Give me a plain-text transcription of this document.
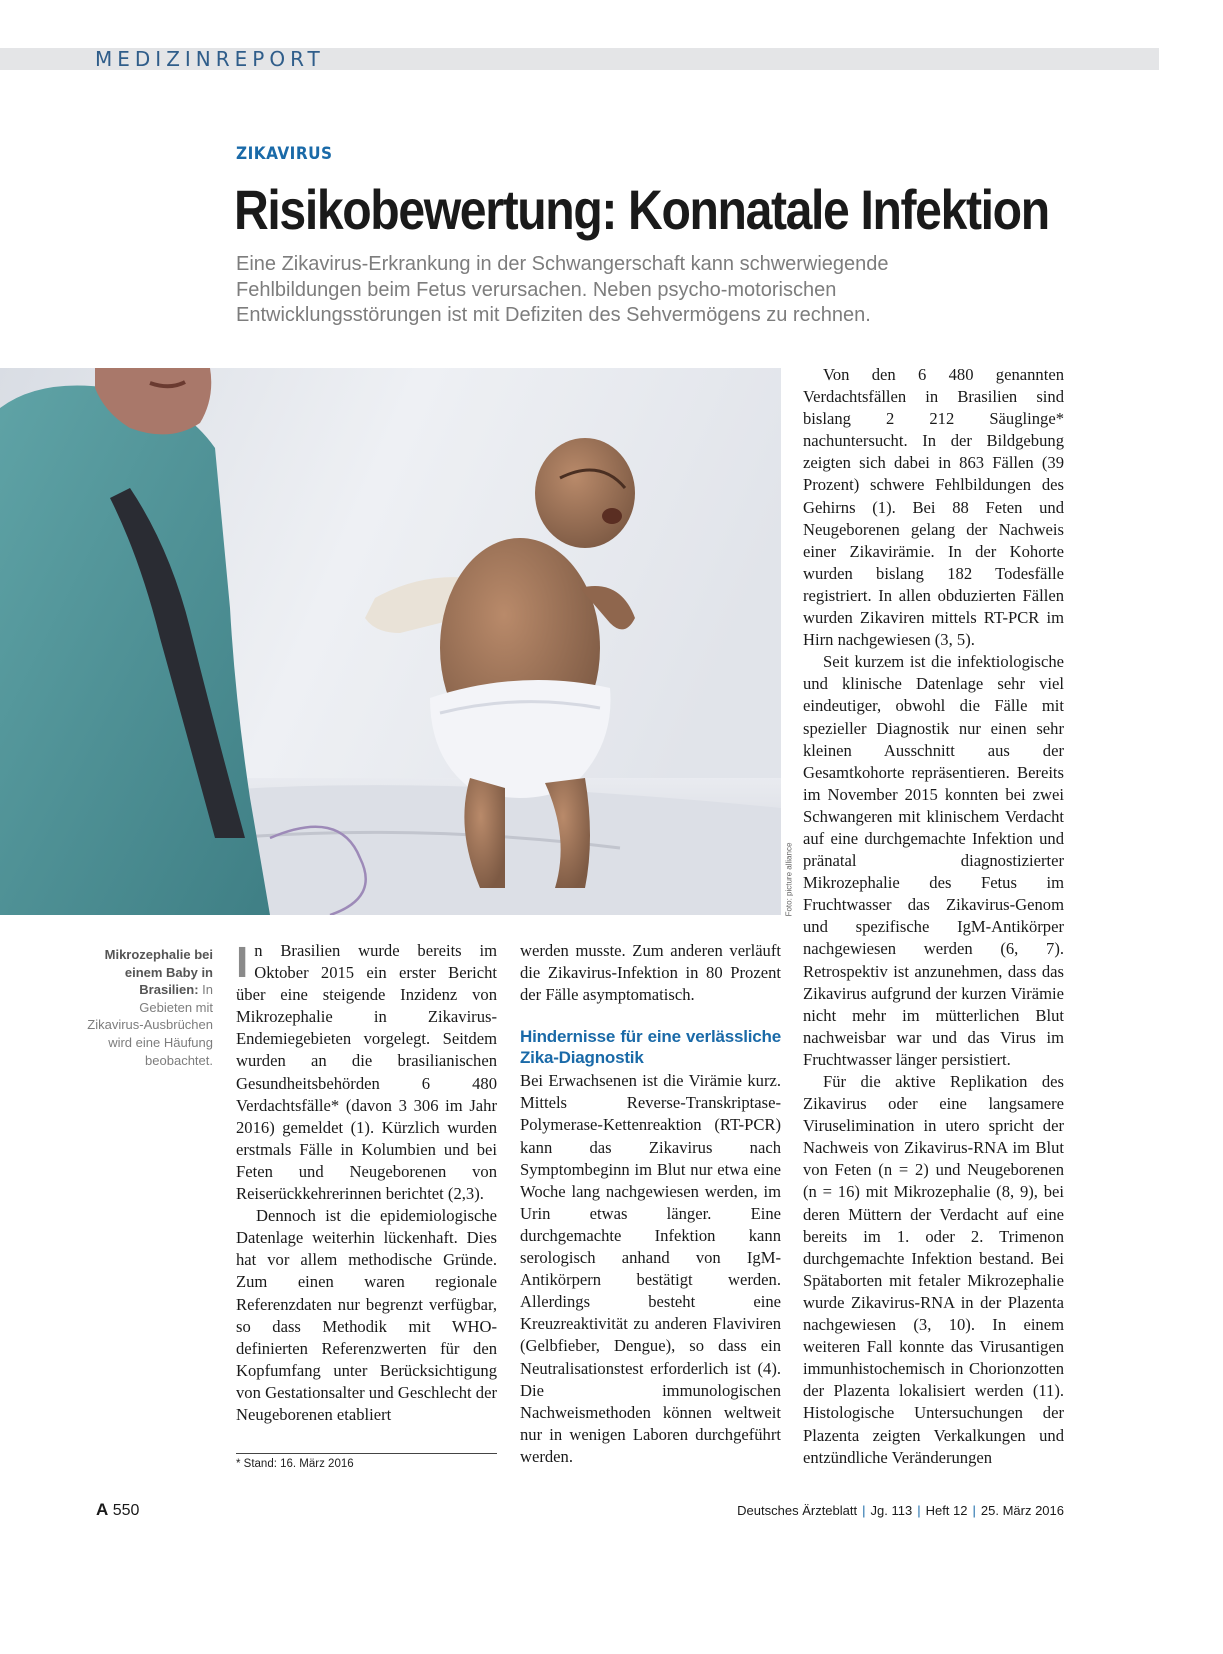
MEDIZINREPORT
ZIKAVIRUS
Risikobewertung: Konnatale Infektion
Eine Zikavirus-Erkrankung in der Schwangerschaft kann schwerwiegende Fehlbildungen beim Fetus verursachen. Neben psycho-motorischen Entwicklungsstörungen ist mit Defiziten des Sehvermögens zu rechnen.
Foto: picture alliance
Mikrozephalie bei einem Baby in Brasilien: In Gebieten mit Zikavirus-Ausbrüchen wird eine Häufung beobachtet.

In Brasilien wurde bereits im Oktober 2015 ein erster Bericht über eine steigende Inzidenz von Mikrozephalie in Zikavirus-Endemiegebieten vorgelegt. Seitdem wurden an die brasilianischen Gesundheitsbehörden 6 480 Verdachtsfälle* (davon 3 306 im Jahr 2016) gemeldet (1). Kürzlich wurden erstmals Fälle in Kolumbien und bei Feten und Neugeborenen von Reiserückkehrerinnen berichtet (2,3).

Dennoch ist die epidemiologische Datenlage weiterhin lückenhaft. Dies hat vor allem methodische Gründe. Zum einen waren regionale Referenzdaten nur begrenzt verfügbar, so dass Methodik mit WHO-definierten Referenzwerten für den Kopfumfang unter Berücksichtigung von Gestationsalter und Geschlecht der Neugeborenen etabliert

werden musste. Zum anderen verläuft die Zikavirus-Infektion in 80 Prozent der Fälle asymptomatisch.

Hindernisse für eine verlässliche Zika-Diagnostik

Bei Erwachsenen ist die Virämie kurz. Mittels Reverse-Transkriptase-Polymerase-Kettenreaktion (RT-PCR) kann das Zikavirus nach Symptombeginn im Blut nur etwa eine Woche lang nachgewiesen werden, im Urin etwas länger. Eine durchgemachte Infektion kann serologisch anhand von IgM-Antikörpern bestätigt werden. Allerdings besteht eine Kreuzreaktivität zu anderen Flaviviren (Gelbfieber, Dengue), so dass ein Neutralisationstest erforderlich ist (4). Die immunologischen Nachweismethoden können weltweit nur in wenigen Laboren durchgeführt werden.

Von den 6 480 genannten Verdachtsfällen in Brasilien sind bislang 2 212 Säuglinge* nachuntersucht. In der Bildgebung zeigten sich dabei in 863 Fällen (39 Prozent) schwere Fehlbildungen des Gehirns (1). Bei 88 Feten und Neugeborenen gelang der Nachweis einer Zikavirämie. In der Kohorte wurden bislang 182 Todesfälle registriert. In allen obduzierten Fällen wurden Zikaviren mittels RT-PCR im Hirn nachgewiesen (3, 5).

Seit kurzem ist die infektiologische und klinische Datenlage sehr viel eindeutiger, obwohl die Fälle mit spezieller Diagnostik nur einen sehr kleinen Ausschnitt aus der Gesamtkohorte repräsentieren. Bereits im November 2015 konnten bei zwei Schwangeren mit klinischem Verdacht auf eine durchgemachte Infektion und pränatal diagnostizierter Mikrozephalie des Fetus im Fruchtwasser das Zikavirus-Genom und spezifische IgM-Antikörper nachgewiesen werden (6, 7). Retrospektiv ist anzunehmen, dass das Zikavirus aufgrund der kurzen Virämie nicht mehr im mütterlichen Blut nachweisbar war und das Virus im Fruchtwasser länger persistiert.

Für die aktive Replikation des Zikavirus oder eine langsamere Viruselimination in utero spricht der Nachweis von Zikavirus-RNA im Blut von Feten (n = 2) und Neugeborenen (n = 16) mit Mikrozephalie (8, 9), bei deren Müttern der Verdacht auf eine bereits im 1. oder 2. Trimenon durchgemachte Infektion bestand. Bei Spätaborten mit fetaler Mikrozephalie wurde Zikavirus-RNA in der Plazenta nachgewiesen (3, 10). In einem weiteren Fall konnte das Virusantigen immunhistochemisch in Chorionzotten der Plazenta lokalisiert werden (11). Histologische Untersuchungen der Plazenta zeigten Verkalkungen und entzündliche Veränderungen

* Stand: 16. März 2016
A 550	Deutsches Ärzteblatt | Jg. 113 | Heft 12 | 25. März 2016
